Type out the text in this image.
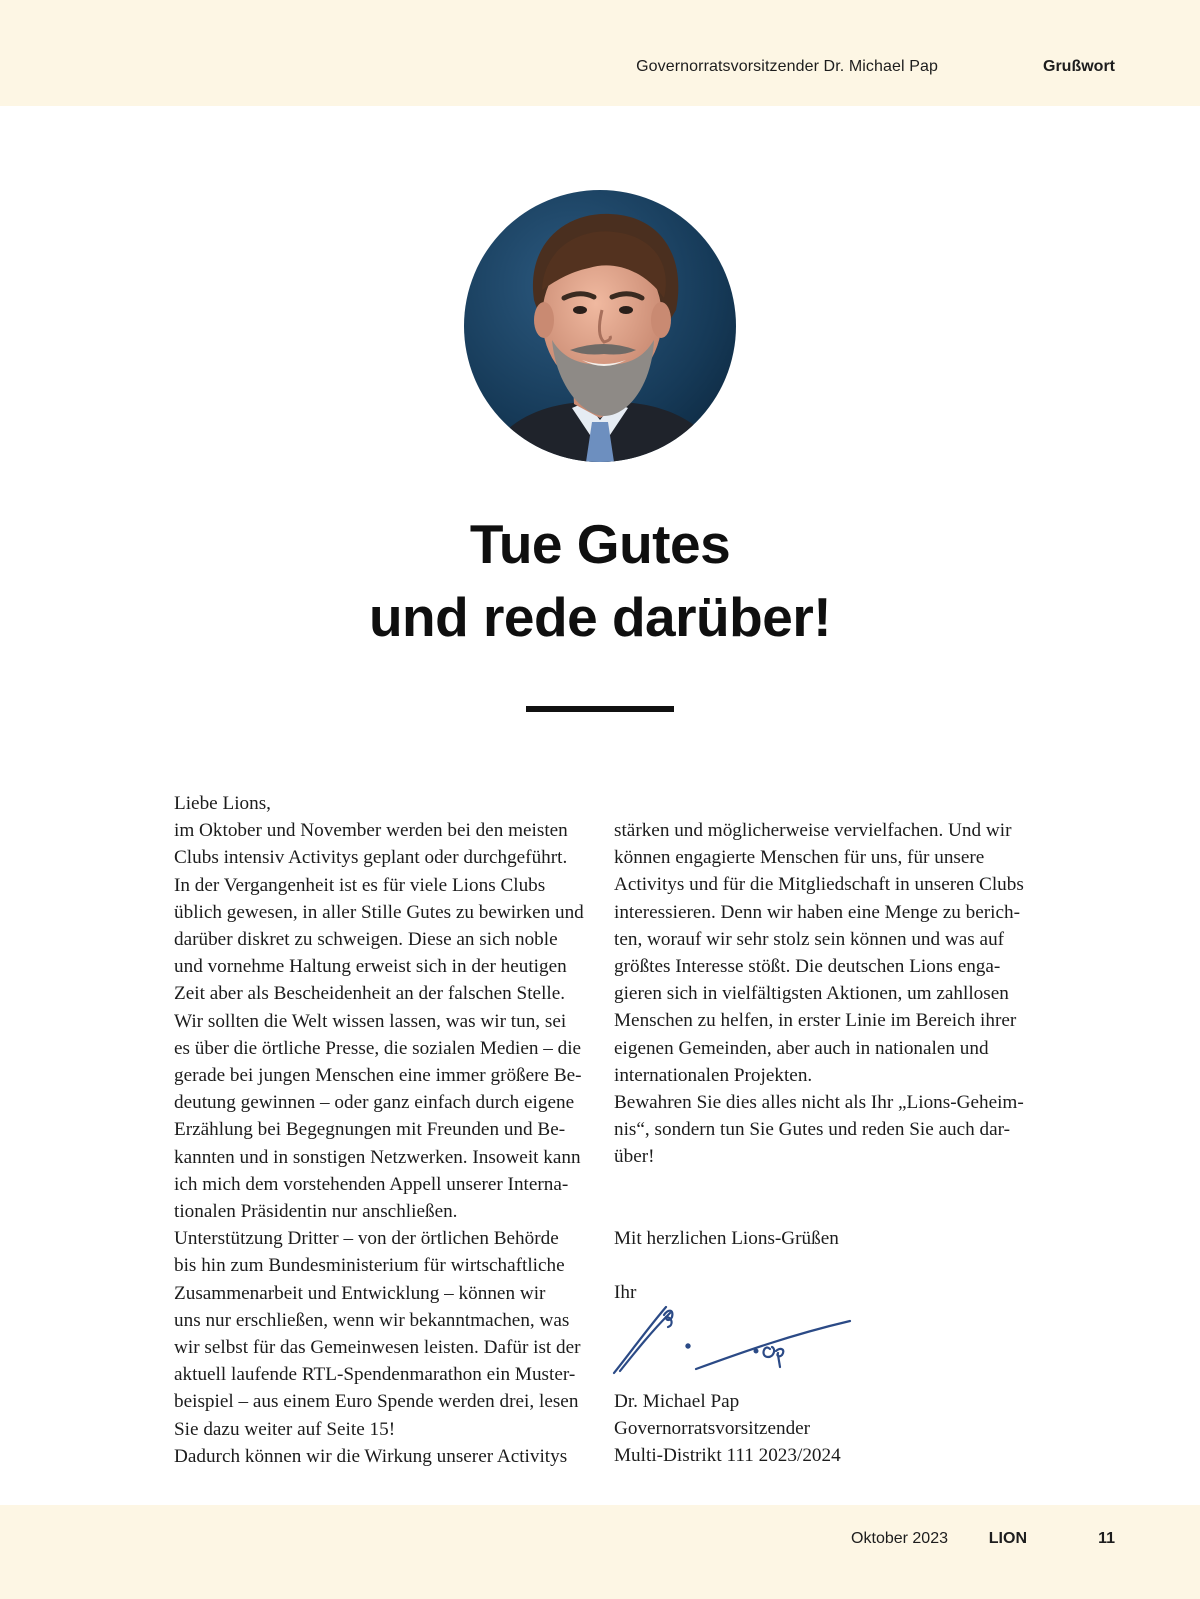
Governorratsvorsitzender Dr. Michael Pap	Grußwort
Tue Gutes
und rede darüber!
Liebe Lions,
im Oktober und November werden bei den meisten
Clubs intensiv Activitys geplant oder durchgeführt.
In der Vergangenheit ist es für viele Lions Clubs
üblich gewesen, in aller Stille Gutes zu bewirken und
darüber diskret zu schweigen. Diese an sich noble
und vornehme Haltung erweist sich in der heutigen
Zeit aber als Bescheidenheit an der falschen Stelle.
Wir sollten die Welt wissen lassen, was wir tun, sei
es über die örtliche Presse, die sozialen Medien – die
gerade bei jungen Menschen eine immer größere Be-
deutung gewinnen – oder ganz einfach durch eigene
Erzählung bei Begegnungen mit Freunden und Be-
kannten und in sonstigen Netzwerken. Insoweit kann
ich mich dem vorstehenden Appell unserer Interna-
tionalen Präsidentin nur anschließen.
Unterstützung Dritter – von der örtlichen Behörde
bis hin zum Bundesministerium für wirtschaftliche
Zusammenarbeit und Entwicklung – können wir
uns nur erschließen, wenn wir bekanntmachen, was
wir selbst für das Gemeinwesen leisten. Dafür ist der
aktuell laufende RTL-Spendenmarathon ein Muster-
beispiel – aus einem Euro Spende werden drei, lesen
Sie dazu weiter auf Seite 15!
Dadurch können wir die Wirkung unserer Activitys
stärken und möglicherweise vervielfachen. Und wir
können engagierte Menschen für uns, für unsere
Activitys und für die Mitgliedschaft in unseren Clubs
interessieren. Denn wir haben eine Menge zu berich-
ten, worauf wir sehr stolz sein können und was auf
größtes Interesse stößt. Die deutschen Lions enga-
gieren sich in vielfältigsten Aktionen, um zahllosen
Menschen zu helfen, in erster Linie im Bereich ihrer
eigenen Gemeinden, aber auch in nationalen und
internationalen Projekten.
Bewahren Sie dies alles nicht als Ihr „Lions-Geheim-
nis“, sondern tun Sie Gutes und reden Sie auch dar-
über!
Mit herzlichen Lions-Grüßen
Ihr
Dr. Michael Pap
Governorratsvorsitzender
Multi-Distrikt 111 2023/2024
Oktober 2023	LION	11
